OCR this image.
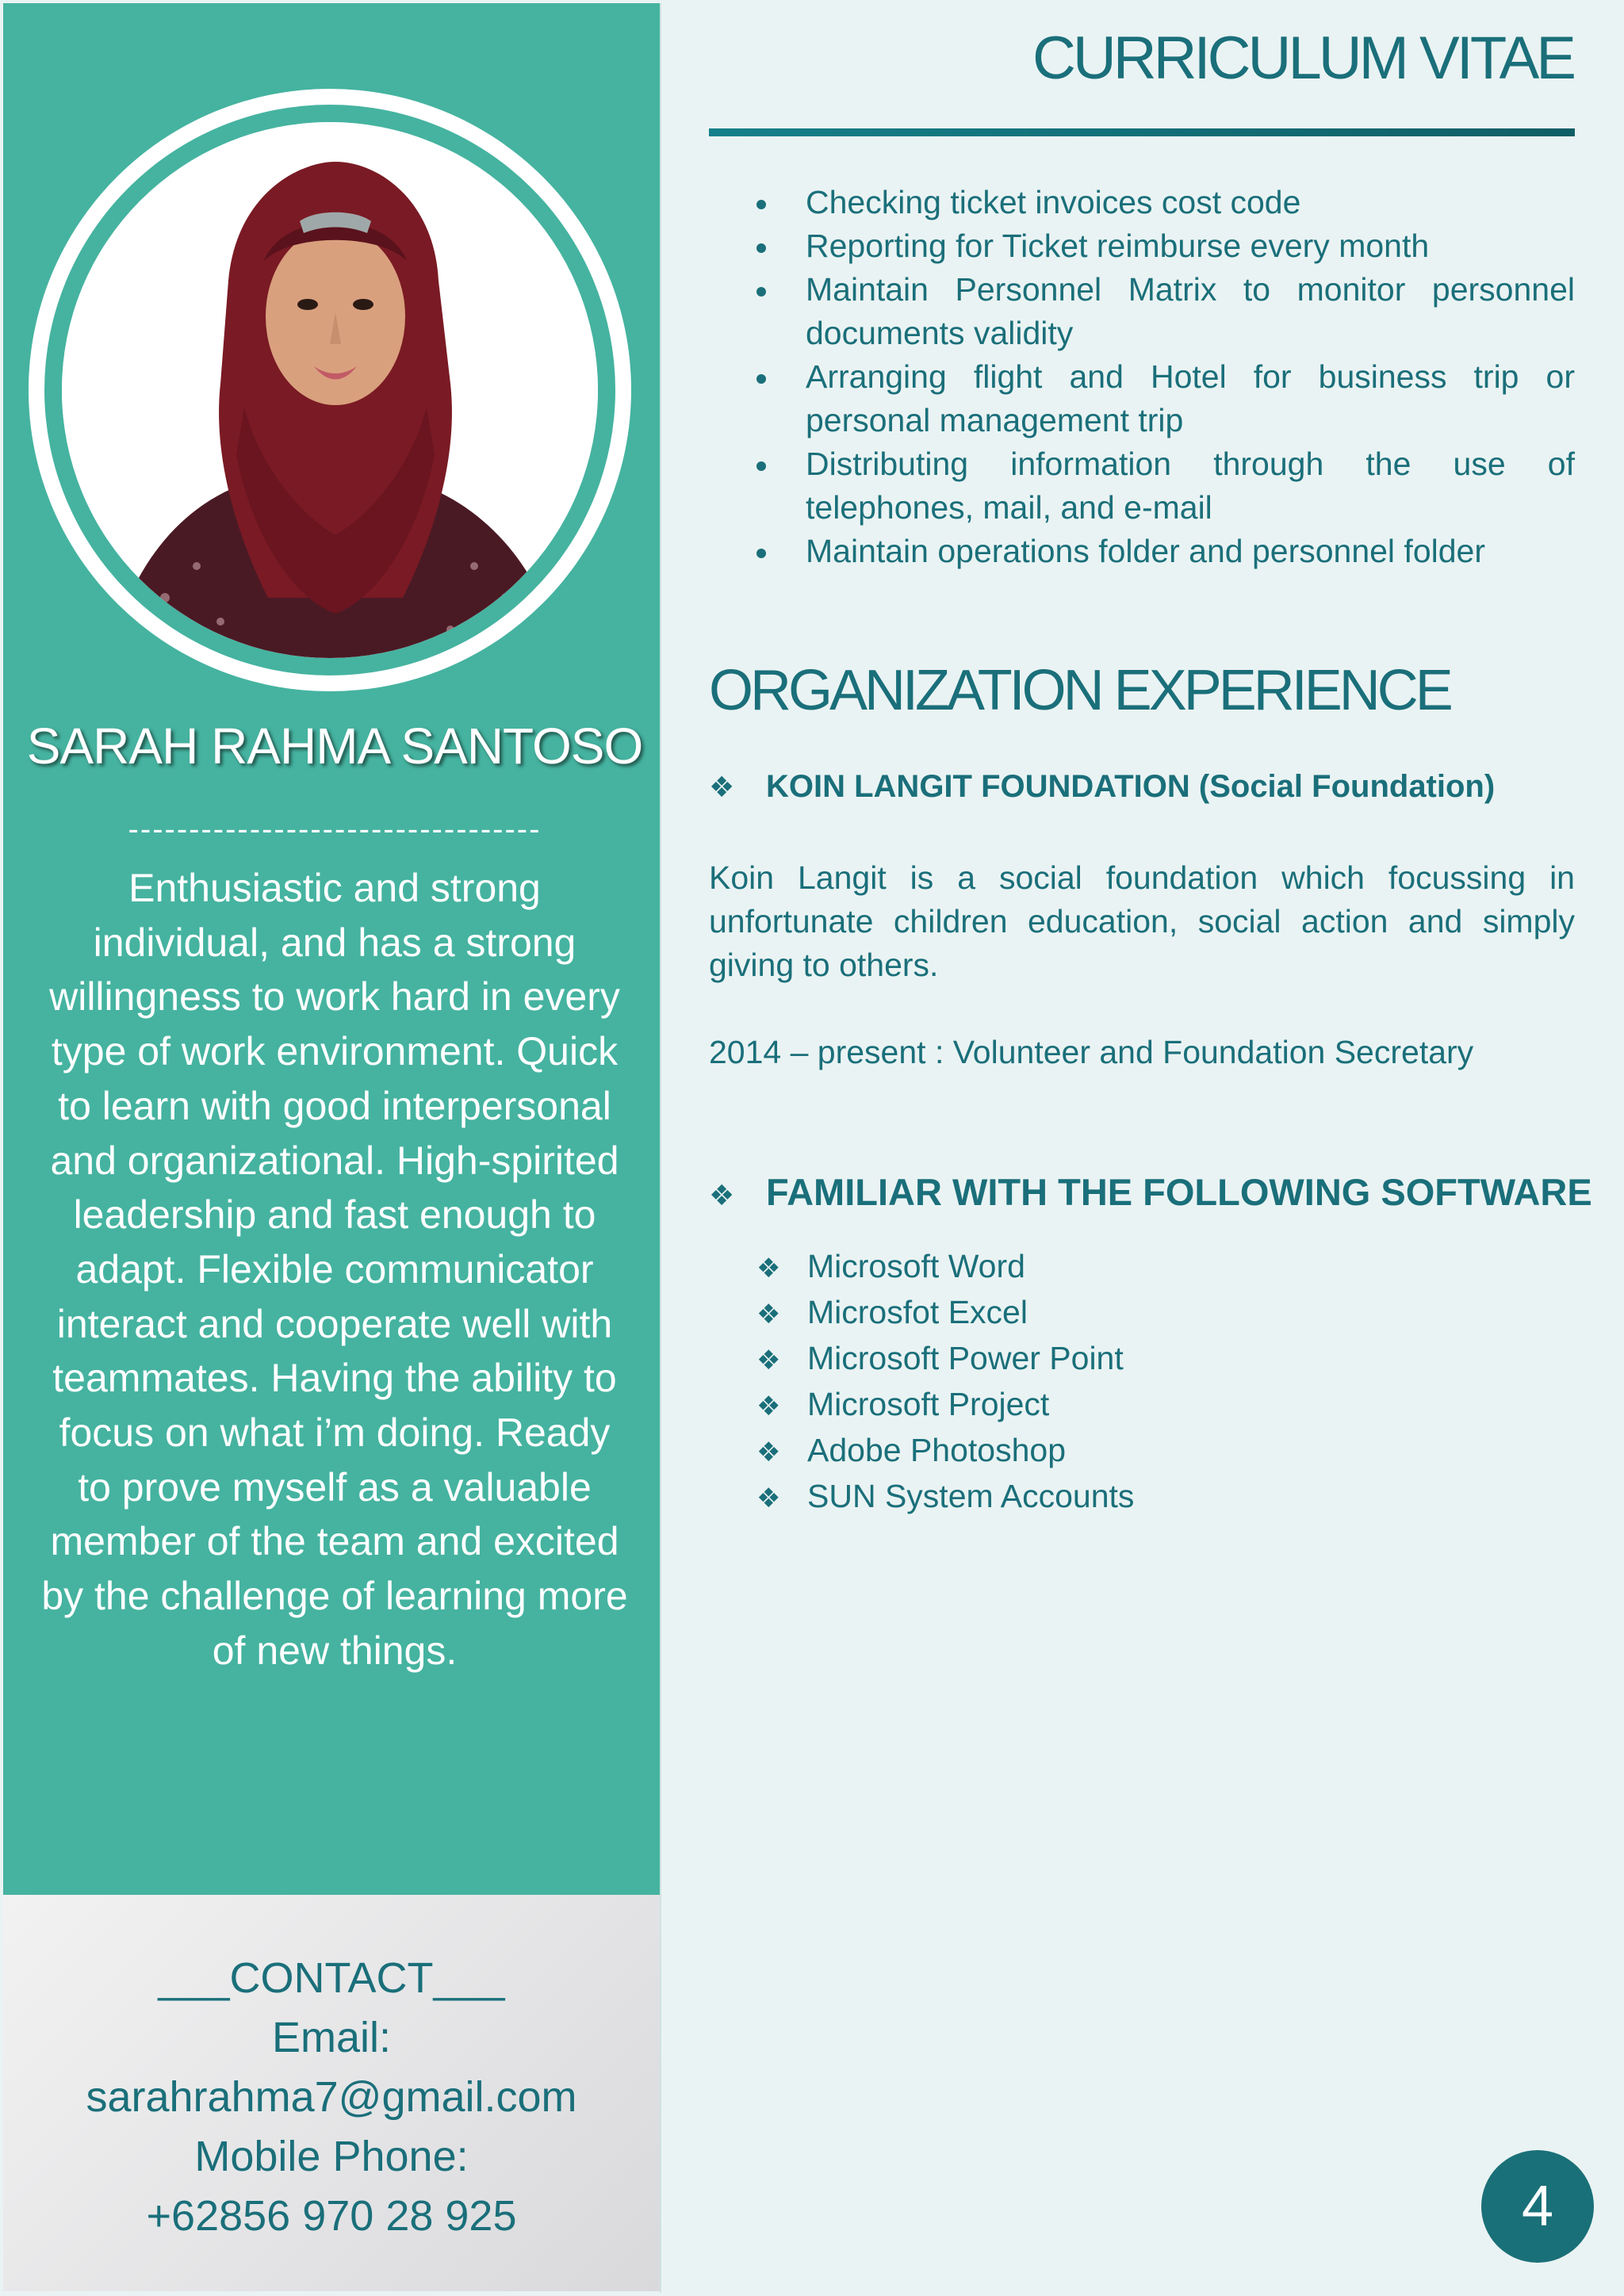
SARAH RAHMA SANTOSO
----------------------------------
Enthusiastic and strong
individual, and has a strong
willingness to work hard in every
type of work environment. Quick
to learn with good interpersonal
and organizational. High-spirited
leadership and fast enough to
adapt. Flexible communicator
interact and cooperate well with
teammates. Having the ability to
focus on what i’m doing. Ready
to prove myself as a valuable
member of the team and excited
by the challenge of learning more
of new things.
___CONTACT___
Email:
sarahrahma7@gmail.com
Mobile Phone:
+62856 970 28 925
CURRICULUM VITAE
Checking ticket invoices cost code
Reporting for Ticket reimburse every month
Maintain Personnel Matrix to monitor personnel documents validity
Arranging flight and Hotel for business trip or personal management trip
Distributing information through the use of telephones, mail, and e-mail
Maintain operations folder and personnel folder
ORGANIZATION EXPERIENCE
❖ KOIN LANGIT FOUNDATION (Social Foundation)
Koin Langit is a social foundation which focussing in unfortunate children education, social action and simply giving to others.
2014 – present : Volunteer and Foundation Secretary
❖ FAMILIAR WITH THE FOLLOWING SOFTWARE
❖ Microsoft Word
❖ Microsfot Excel
❖ Microsoft Power Point
❖ Microsoft Project
❖ Adobe Photoshop
❖ SUN System Accounts
4
